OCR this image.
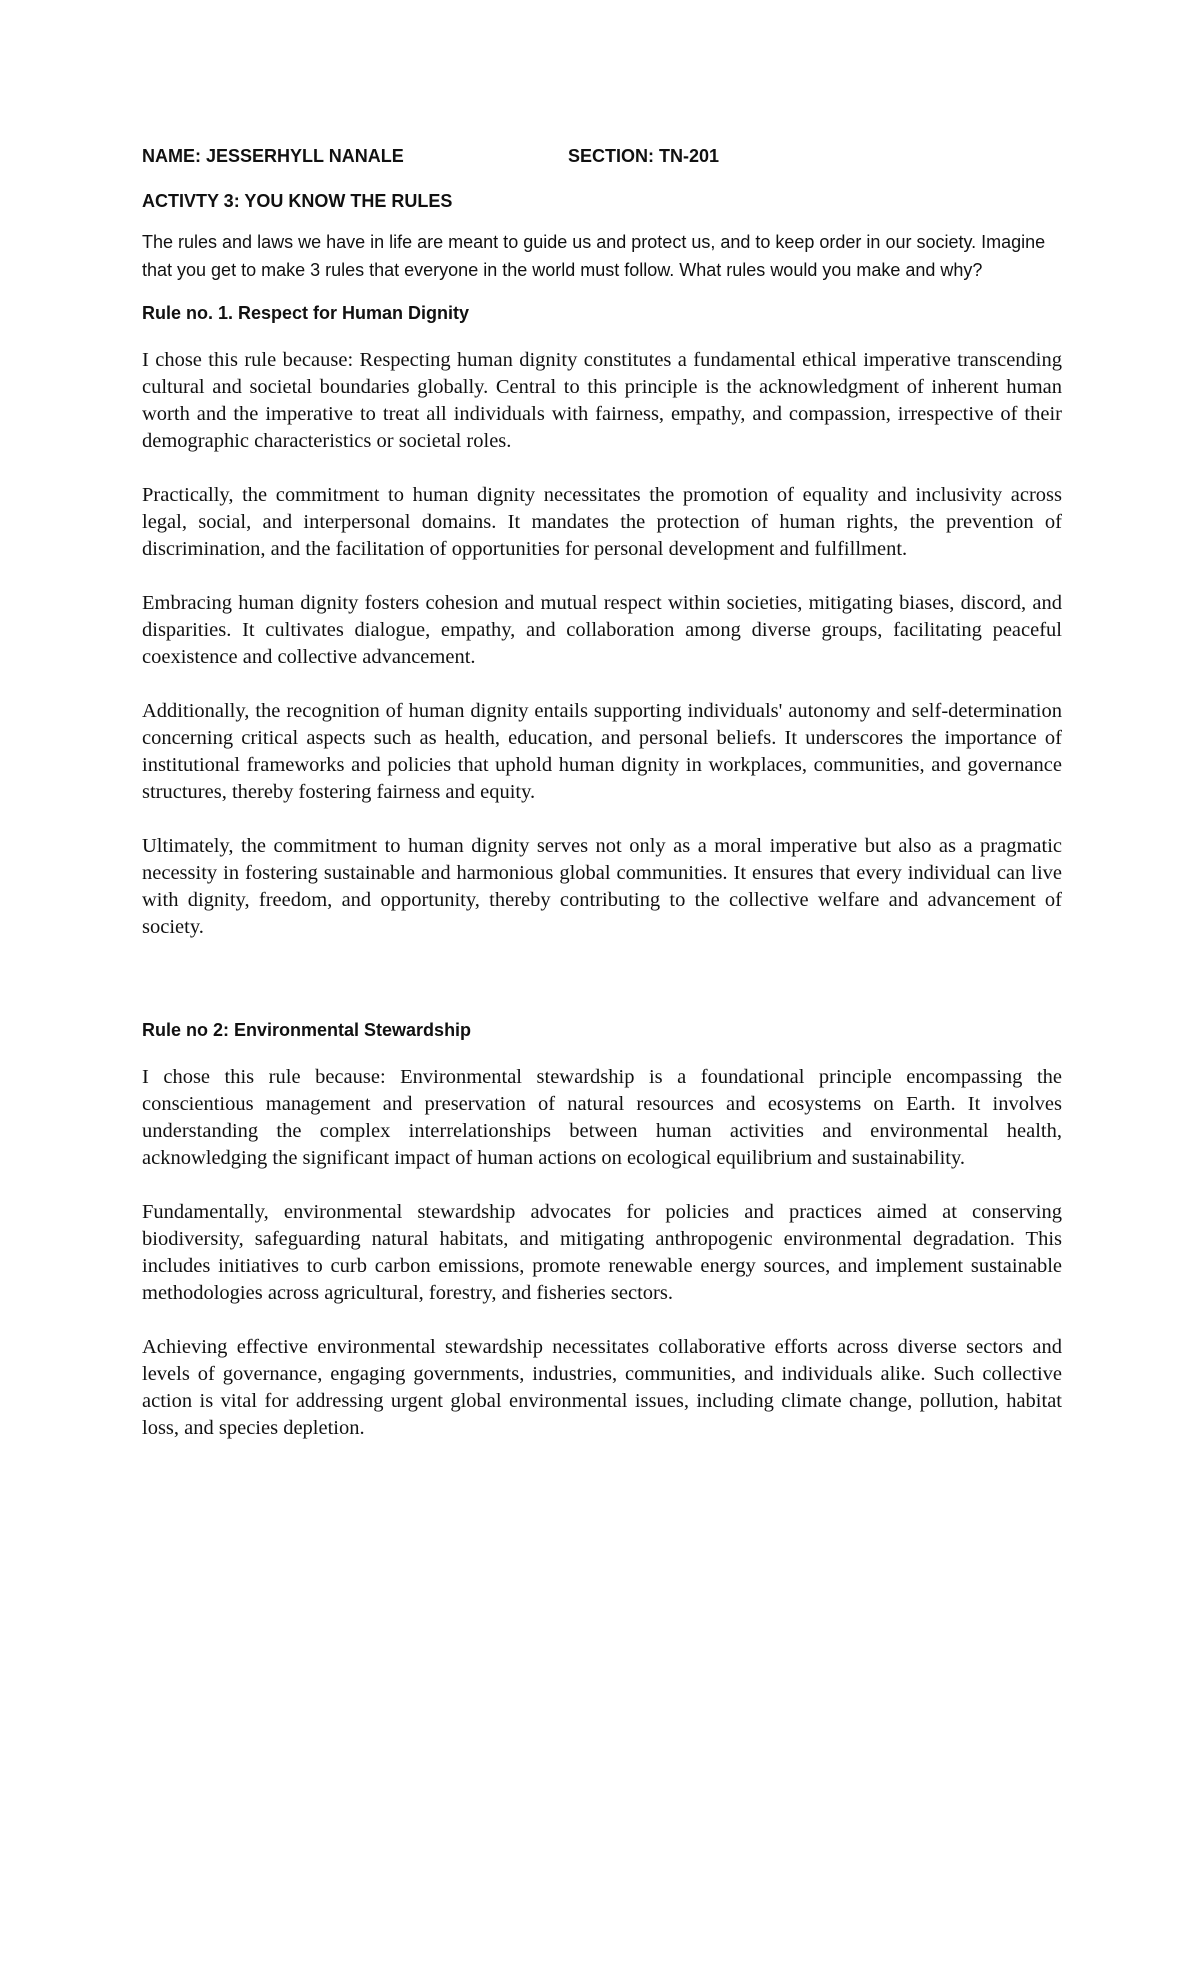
NAME: JESSERHYLL NANALE	SECTION: TN-201
ACTIVTY 3: YOU KNOW THE RULES
The rules and laws we have in life are meant to guide us and protect us, and to keep order in our society. Imagine that you get to make 3 rules that everyone in the world must follow. What rules would you make and why?
Rule no. 1. Respect for Human Dignity

I chose this rule because: Respecting human dignity constitutes a fundamental ethical imperative transcending cultural and societal boundaries globally. Central to this principle is the acknowledgment of inherent human worth and the imperative to treat all individuals with fairness, empathy, and compassion, irrespective of their demographic characteristics or societal roles.

Practically, the commitment to human dignity necessitates the promotion of equality and inclusivity across legal, social, and interpersonal domains. It mandates the protection of human rights, the prevention of discrimination, and the facilitation of opportunities for personal development and fulfillment.

Embracing human dignity fosters cohesion and mutual respect within societies, mitigating biases, discord, and disparities. It cultivates dialogue, empathy, and collaboration among diverse groups, facilitating peaceful coexistence and collective advancement.

Additionally, the recognition of human dignity entails supporting individuals' autonomy and self-determination concerning critical aspects such as health, education, and personal beliefs. It underscores the importance of institutional frameworks and policies that uphold human dignity in workplaces, communities, and governance structures, thereby fostering fairness and equity.

Ultimately, the commitment to human dignity serves not only as a moral imperative but also as a pragmatic necessity in fostering sustainable and harmonious global communities. It ensures that every individual can live with dignity, freedom, and opportunity, thereby contributing to the collective welfare and advancement of society.

Rule no 2: Environmental Stewardship

I chose this rule because: Environmental stewardship is a foundational principle encompassing the conscientious management and preservation of natural resources and ecosystems on Earth. It involves understanding the complex interrelationships between human activities and environmental health, acknowledging the significant impact of human actions on ecological equilibrium and sustainability.

Fundamentally, environmental stewardship advocates for policies and practices aimed at conserving biodiversity, safeguarding natural habitats, and mitigating anthropogenic environmental degradation. This includes initiatives to curb carbon emissions, promote renewable energy sources, and implement sustainable methodologies across agricultural, forestry, and fisheries sectors.

Achieving effective environmental stewardship necessitates collaborative efforts across diverse sectors and levels of governance, engaging governments, industries, communities, and individuals alike. Such collective action is vital for addressing urgent global environmental issues, including climate change, pollution, habitat loss, and species depletion.
